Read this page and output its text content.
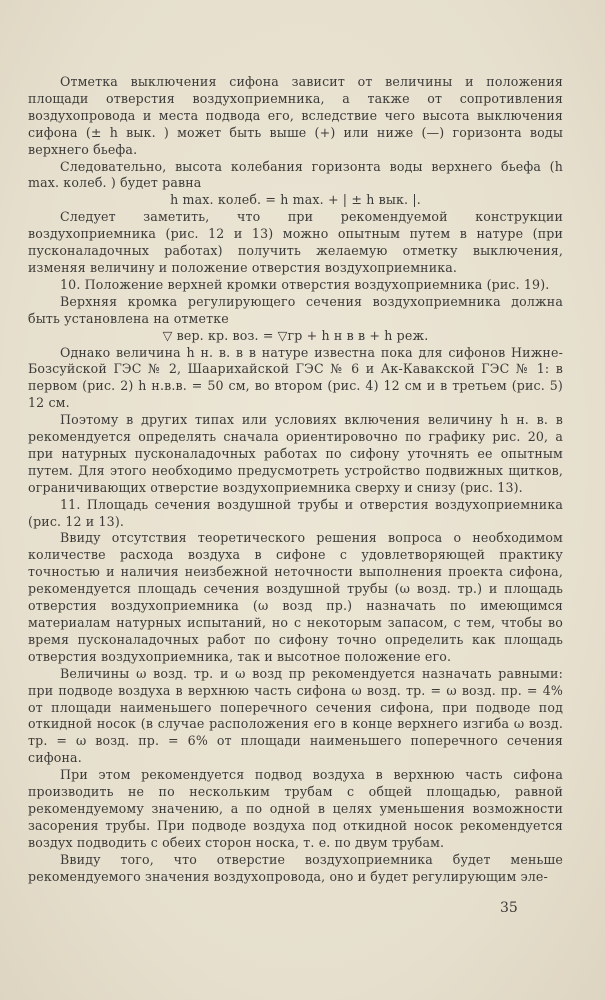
Отметка выключения сифона зависит от величины и положения площади отверстия воздухоприемника, а также от сопротивления воздухопровода и места подвода его, вследствие чего высота выключения сифона (± h вык. ) может быть выше (+) или ниже (—) горизонта воды верхнего бьефа.

Следовательно, высота колебания горизонта воды верхнего бьефа (h max. колеб. ) будет равна

h max. колеб. = h max. + | ± h вык. |.

Следует заметить, что при рекомендуемой конструкции воздухоприемника (рис. 12 и 13) можно опытным путем в натуре (при пусконаладочных работах) получить желаемую отметку выключения, изменяя величину и положение отверстия воздухоприемника.

10. Положение верхней кромки отверстия воздухоприемника (рис. 19).

Верхняя кромка регулирующего сечения воздухоприемника должна быть установлена на отметке

▽ вер. кр. воз. = ▽гр + h н в в + h реж.

Однако величина h н. в. в в натуре известна пока для сифонов Нижне-Бозсуйской ГЭС № 2, Шаарихайской ГЭС № 6 и Ак-Кавакской ГЭС № 1: в первом (рис. 2) h н.в.в. = 50 см, во втором (рис. 4) 12 см и в третьем (рис. 5) 12 см.

Поэтому в других типах или условиях включения величину h н. в. в рекомендуется определять сначала ориентировочно по графику рис. 20, а при натурных пусконаладочных работах по сифону уточнять ее опытным путем. Для этого необходимо предусмотреть устройство подвижных щитков, ограничивающих отверстие воздухоприемника сверху и снизу (рис. 13).

11. Площадь сечения воздушной трубы и отверстия воздухоприемника (рис. 12 и 13).

Ввиду отсутствия теоретического решения вопроса о необходимом количестве расхода воздуха в сифоне с удовлетворяющей практику точностью и наличия неизбежной неточности выполнения проекта сифона, рекомендуется площадь сечения воздушной трубы (ω возд. тр.) и площадь отверстия воздухоприемника (ω возд пр.) назначать по имеющимся материалам натурных испытаний, но с некоторым запасом, с тем, чтобы во время пусконаладочных работ по сифону точно определить как площадь отверстия воздухоприемника, так и высотное положение его.

Величины ω возд. тр. и ω возд пр рекомендуется назначать равными: при подводе воздуха в верхнюю часть сифона ω возд. тр. = ω возд. пр. = 4% от площади наименьшего поперечного сечения сифона, при подводе под откидной носок (в случае расположения его в конце верхнего изгиба ω возд. тр. = ω возд. пр. = 6% от площади наименьшего поперечного сечения сифона.

При этом рекомендуется подвод воздуха в верхнюю часть сифона производить не по нескольким трубам с общей площадью, равной рекомендуемому значению, а по одной в целях уменьшения возможности засорения трубы. При подводе воздуха под откидной носок рекомендуется воздух подводить с обеих сторон носка, т. е. по двум трубам.

Ввиду того, что отверстие воздухоприемника будет меньше рекомендуемого значения воздухопровода, оно и будет регулирующим эле-

35
